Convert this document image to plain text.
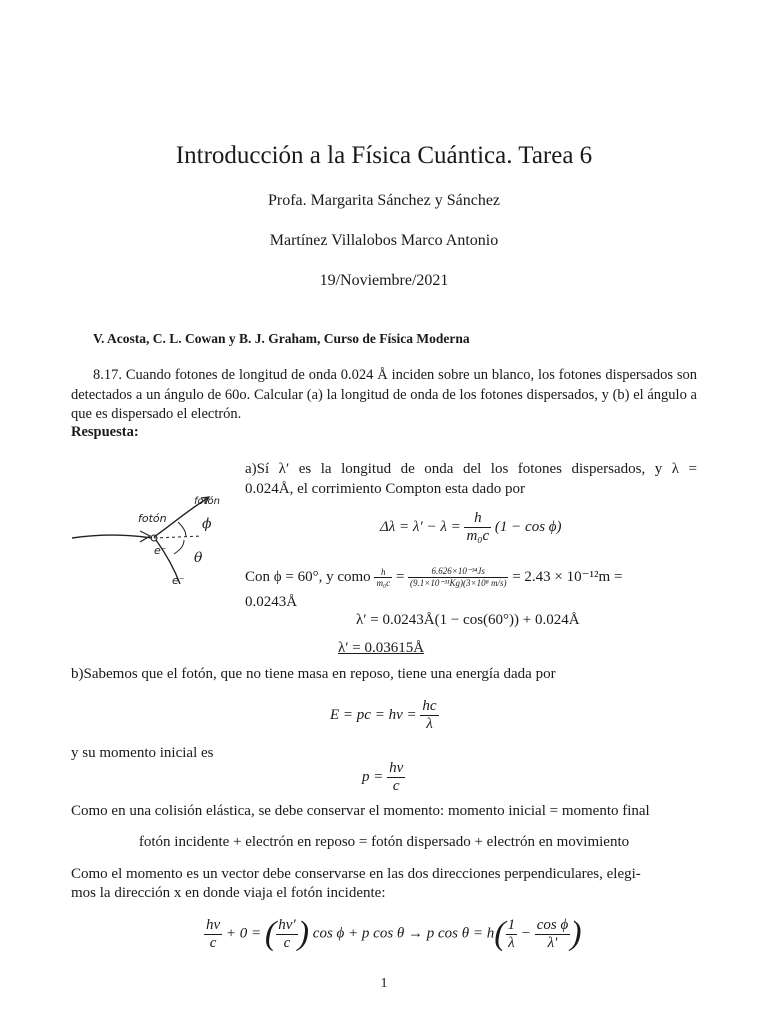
Introducción a la Física Cuántica. Tarea 6
Profa. Margarita Sánchez y Sánchez
Martínez Villalobos Marco Antonio
19/Noviembre/2021
V. Acosta, C. L. Cowan y B. J. Graham, Curso de Física Moderna
8.17. Cuando fotones de longitud de onda 0.024 Å inciden sobre un blanco, los fotones dispersados son detectados a un ángulo de 60o. Calcular (a) la longitud de onda de los fotones dispersados, y (b) el ángulo a que es dispersado el electrón.
Respuesta:
fotón
fotón
e⁻
e⁻
ϕ
θ
a)Sí λ′ es la longitud de onda del los fotones dispersados, y λ =
0.024Å, el corrimiento Compton esta dado por
$\Delta\lambda = \lambda' - \lambda = \frac{h}{\text{m₀c}} (1 - \cos \phi)$
Con ϕ = 60°, y como $\frac{h}{\text{m₀c}} = \frac{\text{6.626×10⁻³⁴Js}}{\text{(9.1×10⁻³¹Kg)(3×10⁸ m/s)}} = 2.43 \times 10^{-12}m$ =
0.0243Å
λ′ = 0.0243Å(1 − cos(60°)) + 0.024Å
λ′ = 0.03615Å
b)Sabemos que el fotón, que no tiene masa en reposo, tiene una energía dada por
E = pc = $h\nu = \frac{hc}{\lambda}$
y su momento inicial es
$p = \frac{h\nu}{c}$
Como en una colisión elástica, se debe conservar el momento: momento inicial = momento final
fotón incidente + electrón en reposo = fotón dispersado + electrón en movimiento
Como el momento es un vector debe conservarse en las dos direcciones perpendiculares, elegi-
mos la dirección x en donde viaja el fotón incidente:
$\frac{h\nu}{c} + 0$ = ( $\frac{h\nu'}{c}$ ) cos ϕ + p cos θ → p $\cos \theta = h( \frac{1}{\lambda} - \frac{\text{cos ϕ}}{\lambda'}$ )
1
